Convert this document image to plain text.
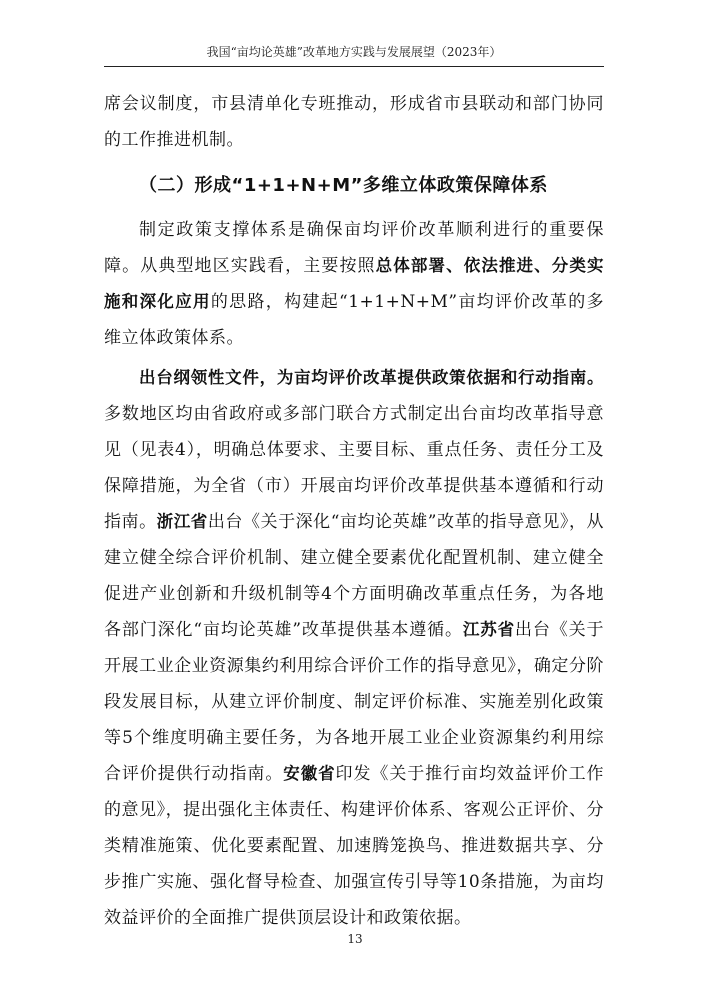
我国“亩均论英雄”改革地方实践与发展展望（2023年）

席会议制度，市县清单化专班推动，形成省市县联动和部门协同的工作推进机制。

（二）形成“1+1+N+M”多维立体政策保障体系

制定政策支撑体系是确保亩均评价改革顺利进行的重要保障。从典型地区实践看，主要按照总体部署、依法推进、分类实施和深化应用的思路，构建起“1+1+N+M”亩均评价改革的多维立体政策体系。

出台纲领性文件，为亩均评价改革提供政策依据和行动指南。多数地区均由省政府或多部门联合方式制定出台亩均改革指导意见（见表4），明确总体要求、主要目标、重点任务、责任分工及保障措施，为全省（市）开展亩均评价改革提供基本遵循和行动指南。浙江省出台《关于深化“亩均论英雄”改革的指导意见》，从建立健全综合评价机制、建立健全要素优化配置机制、建立健全促进产业创新和升级机制等4个方面明确改革重点任务，为各地各部门深化“亩均论英雄”改革提供基本遵循。江苏省出台《关于开展工业企业资源集约利用综合评价工作的指导意见》，确定分阶段发展目标，从建立评价制度、制定评价标准、实施差别化政策等5个维度明确主要任务，为各地开展工业企业资源集约利用综合评价提供行动指南。安徽省印发《关于推行亩均效益评价工作的意见》，提出强化主体责任、构建评价体系、客观公正评价、分类精准施策、优化要素配置、加速腾笼换鸟、推进数据共享、分步推广实施、强化督导检查、加强宣传引导等10条措施，为亩均效益评价的全面推广提供顶层设计和政策依据。

13
